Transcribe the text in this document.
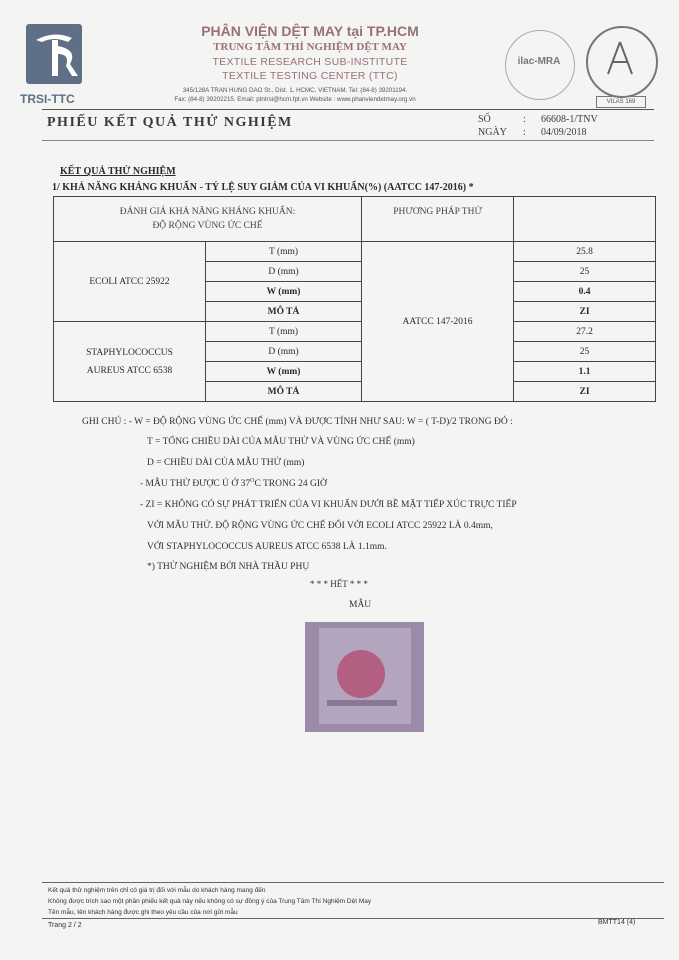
TRSI-TTC
PHÂN VIỆN DỆT MAY tại TP.HCM
TRUNG TÂM THÍ NGHIỆM DỆT MAY
TEXTILE RESEARCH SUB-INSTITUTE
TEXTILE TESTING CENTER (TTC)
345/128A TRAN HUNG DAO St., Dist. 1, HCMC, VIETNAM. Tel: (84-8) 39201194.
Fax: (84-8) 39202215. Email: ptntrsi@hcm.fpt.vn Website : www.phanviendetmay.org.vn
ilac-MRA
VILAS 169
PHIẾU KẾT QUẢ THỬ NGHIỆM	SỐ	: 66608-1/TNV
NGÀY : 04/09/2018
KẾT QUẢ THỬ NGHIỆM
1/ KHẢ NĂNG KHÁNG KHUẨN - TỶ LỆ SUY GIẢM CỦA VI KHUẨN(%) (AATCC 147-2016) *
ĐÁNH GIÁ KHẢ NĂNG KHÁNG KHUẨN:
ĐỘ RỘNG VÙNG ỨC CHẾ		PHƯƠNG PHÁP THỬ	

ECOLI ATCC 25922	T (mm)	AATCC 147-2016	25.8
	D (mm)		25
	W (mm)		0.4
	MÔ TẢ		ZI

STAPHYLOCOCCUS
AUREUS ATCC 6538	T (mm)		27.2
	D (mm)		25
	W (mm)		1.1
	MÔ TẢ		ZI
GHI CHÚ : - W = ĐỘ RỘNG VÙNG ỨC CHẾ (mm) VÀ ĐƯỢC TÍNH NHƯ SAU: W = ( T-D)/2 TRONG ĐÓ :
T = TỔNG CHIỀU DÀI CỦA MẪU THỬ VÀ VÙNG ỨC CHẾ (mm)
D = CHIỀU DÀI CỦA MẪU THỬ (mm)
- MẪU THỬ ĐƯỢC Ủ Ở $37^OC$ TRONG 24 GIỜ
- ZI = KHÔNG CÓ SỰ PHÁT TRIỂN CỦA VI KHUẨN DƯỚI BỀ MẶT TIẾP XÚC TRỰC TIẾP
VỚI MẪU THỬ. ĐỘ RỘNG VÙNG ỨC CHẾ ĐỐI VỚI ECOLI ATCC 25922 LÀ 0.4mm,
VỚI STAPHYLOCOCCUS AUREUS ATCC 6538 LÀ 1.1mm.
*) THỬ NGHIỆM BỞI NHÀ THẦU PHỤ
* * * HẾT * * *
MẪU
Kết quả thử nghiệm trên chỉ có giá trị đối với mẫu do khách hàng mang đến
Không được trích sao một phần phiếu kết quả này nếu không có sự đồng ý của Trung Tâm Thí Nghiệm Dệt May
Tên mẫu, tên khách hàng được ghi theo yêu cầu của nơi gửi mẫu
Trang 2 / 2	BMTT14 (4)
